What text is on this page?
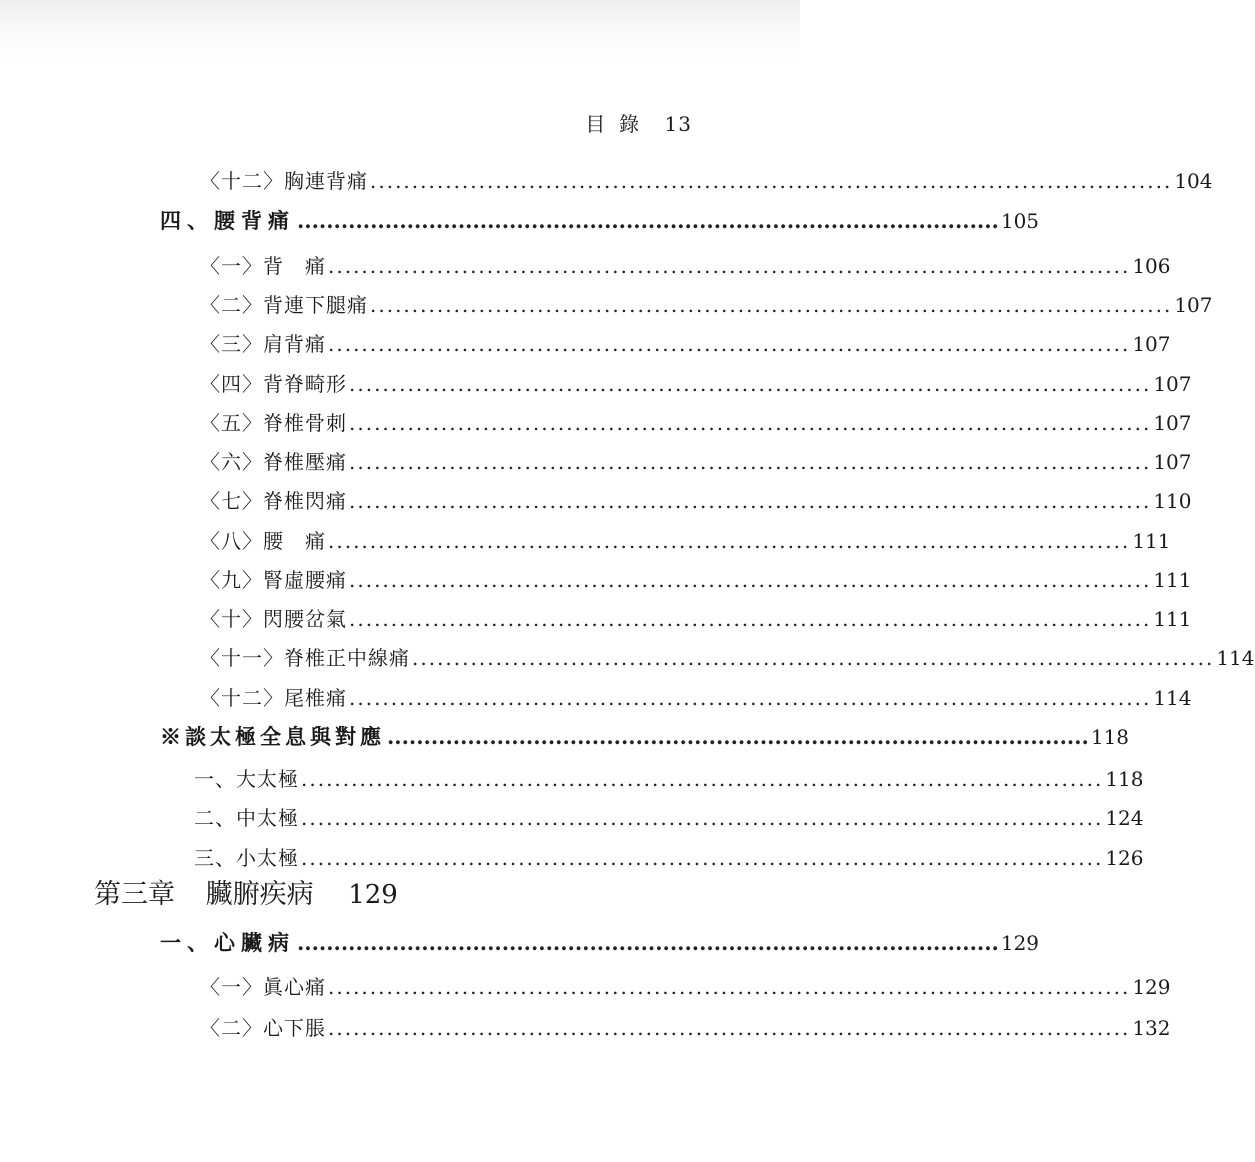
目錄 13
〈十二〉胸連背痛 ................................................................................................ 104
四、腰背痛 ................................................................................................ 105
〈一〉背　痛 ................................................................................................ 106
〈二〉背連下腿痛 ................................................................................................ 107
〈三〉肩背痛 ................................................................................................ 107
〈四〉背脊畸形 ................................................................................................ 107
〈五〉脊椎骨刺 ................................................................................................ 107
〈六〉脊椎壓痛 ................................................................................................ 107
〈七〉脊椎閃痛 ................................................................................................ 110
〈八〉腰　痛 ................................................................................................ 111
〈九〉腎虛腰痛 ................................................................................................ 111
〈十〉閃腰岔氣 ................................................................................................ 111
〈十一〉脊椎正中線痛 ................................................................................................ 114
〈十二〉尾椎痛 ................................................................................................ 114
※談太極全息與對應 ................................................................................................ 118
一、大太極 ................................................................................................ 118
二、中太極 ................................................................................................ 124
三、小太極 ................................................................................................ 126
第三章 臟腑疾病 129
一、心臟病 ................................................................................................ 129
〈一〉眞心痛 ................................................................................................ 129
〈二〉心下脹 ................................................................................................ 132
